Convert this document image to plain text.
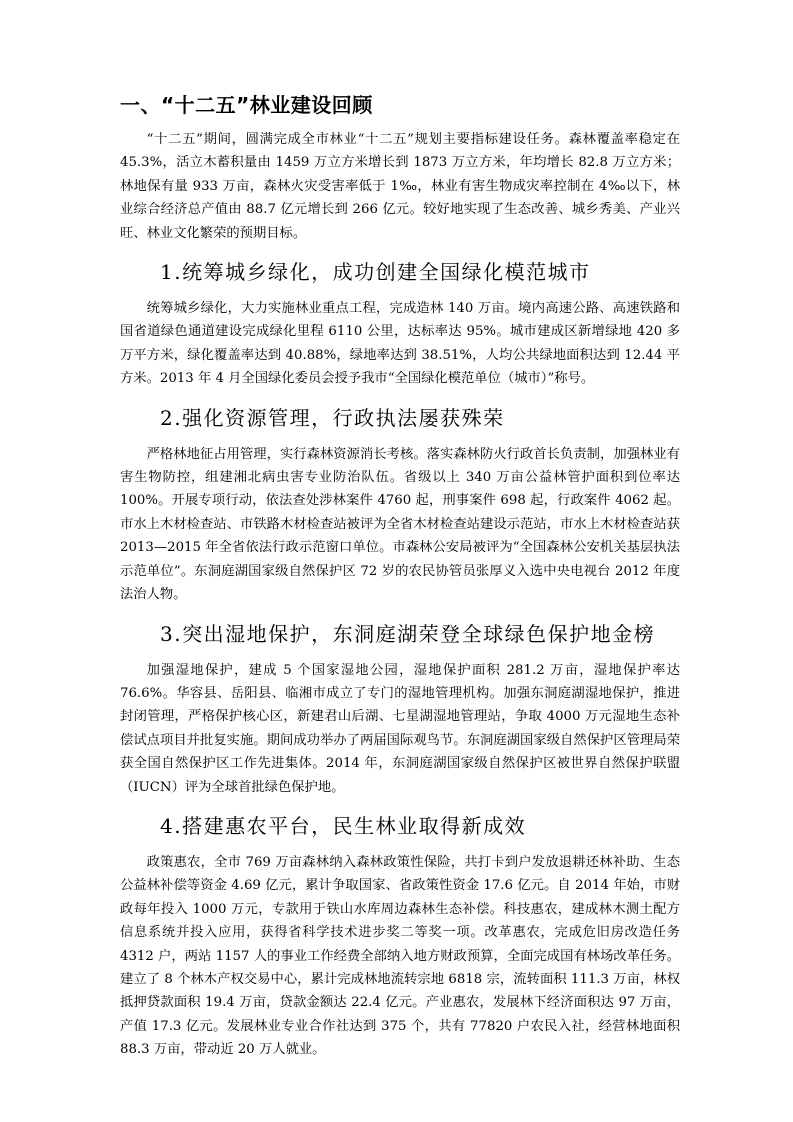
一、“十二五”林业建设回顾

“十二五”期间，圆满完成全市林业“十二五”规划主要指标建设任务。森林覆盖率稳定在 45.3%，活立木蓄积量由 1459 万立方米增长到 1873 万立方米，年均增长 82.8 万立方米；林地保有量 933 万亩，森林火灾受害率低于 1‰，林业有害生物成灾率控制在 4‰以下，林业综合经济总产值由 88.7 亿元增长到 266 亿元。较好地实现了生态改善、城乡秀美、产业兴旺、林业文化繁荣的预期目标。

1.统筹城乡绿化，成功创建全国绿化模范城市

统筹城乡绿化，大力实施林业重点工程，完成造林 140 万亩。境内高速公路、高速铁路和国省道绿色通道建设完成绿化里程 6110 公里，达标率达 95%。城市建成区新增绿地 420 多万平方米，绿化覆盖率达到 40.88%，绿地率达到 38.51%，人均公共绿地面积达到 12.44 平方米。2013 年 4 月全国绿化委员会授予我市“全国绿化模范单位（城市）”称号。

2.强化资源管理，行政执法屡获殊荣

严格林地征占用管理，实行森林资源消长考核。落实森林防火行政首长负责制，加强林业有害生物防控，组建湘北病虫害专业防治队伍。省级以上 340 万亩公益林管护面积到位率达 100%。开展专项行动，依法查处涉林案件 4760 起，刑事案件 698 起，行政案件 4062 起。市水上木材检查站、市铁路木材检查站被评为全省木材检查站建设示范站，市水上木材检查站获 2013—2015 年全省依法行政示范窗口单位。市森林公安局被评为“全国森林公安机关基层执法示范单位”。东洞庭湖国家级自然保护区 72 岁的农民协管员张厚义入选中央电视台 2012 年度法治人物。

3.突出湿地保护，东洞庭湖荣登全球绿色保护地金榜

加强湿地保护，建成 5 个国家湿地公园，湿地保护面积 281.2 万亩，湿地保护率达 76.6%。华容县、岳阳县、临湘市成立了专门的湿地管理机构。加强东洞庭湖湿地保护，推进封闭管理，严格保护核心区，新建君山后湖、七星湖湿地管理站，争取 4000 万元湿地生态补偿试点项目并批复实施。期间成功举办了两届国际观鸟节。东洞庭湖国家级自然保护区管理局荣获全国自然保护区工作先进集体。2014 年，东洞庭湖国家级自然保护区被世界自然保护联盟（IUCN）评为全球首批绿色保护地。

4.搭建惠农平台，民生林业取得新成效

政策惠农，全市 769 万亩森林纳入森林政策性保险，共打卡到户发放退耕还林补助、生态公益林补偿等资金 4.69 亿元，累计争取国家、省政策性资金 17.6 亿元。自 2014 年始，市财政每年投入 1000 万元，专款用于铁山水库周边森林生态补偿。科技惠农，建成林木测土配方信息系统并投入应用，获得省科学技术进步奖二等奖一项。改革惠农，完成危旧房改造任务 4312 户，两站 1157 人的事业工作经费全部纳入地方财政预算，全面完成国有林场改革任务。建立了 8 个林木产权交易中心，累计完成林地流转宗地 6818 宗，流转面积 111.3 万亩，林权抵押贷款面积 19.4 万亩，贷款金额达 22.4 亿元。产业惠农，发展林下经济面积达 97 万亩，产值 17.3 亿元。发展林业专业合作社达到 375 个，共有 77820 户农民入社，经营林地面积 88.3 万亩，带动近 20 万人就业。
